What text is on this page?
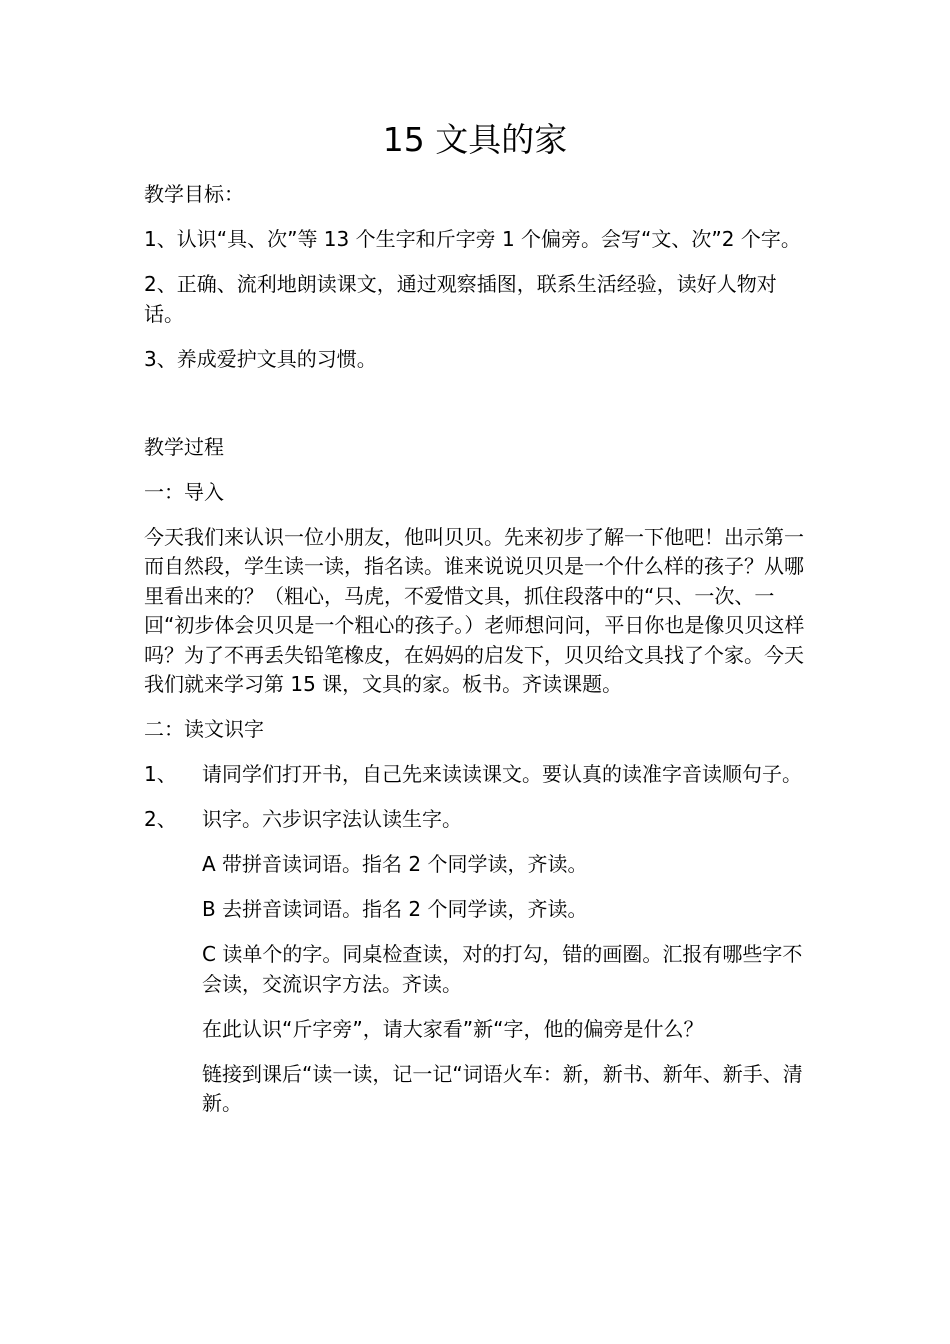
15 文具的家

教学目标：

1、认识“具、次”等 13 个生字和斤字旁 1 个偏旁。会写“文、次”2 个字。

2、正确、流利地朗读课文，通过观察插图，联系生活经验，读好人物对话。

3、养成爱护文具的习惯。

教学过程

一：导入

今天我们来认识一位小朋友，他叫贝贝。先来初步了解一下他吧！出示第一而自然段，学生读一读，指名读。谁来说说贝贝是一个什么样的孩子？从哪里看出来的？（粗心，马虎，不爱惜文具，抓住段落中的“只、一次、一回“初步体会贝贝是一个粗心的孩子。）老师想问问，平日你也是像贝贝这样吗？为了不再丢失铅笔橡皮，在妈妈的启发下，贝贝给文具找了个家。今天我们就来学习第 15 课，文具的家。板书。齐读课题。

二：读文识字

1、	请同学们打开书，自己先来读读课文。要认真的读准字音读顺句子。
2、	识字。六步识字法认读生字。

A 带拼音读词语。指名 2 个同学读，齐读。

B 去拼音读词语。指名 2 个同学读，齐读。

C 读单个的字。同桌检查读，对的打勾，错的画圈。汇报有哪些字不会读，交流识字方法。齐读。

在此认识“斤字旁”，请大家看”新“字，他的偏旁是什么？

链接到课后“读一读，记一记“词语火车：新，新书、新年、新手、清新。
